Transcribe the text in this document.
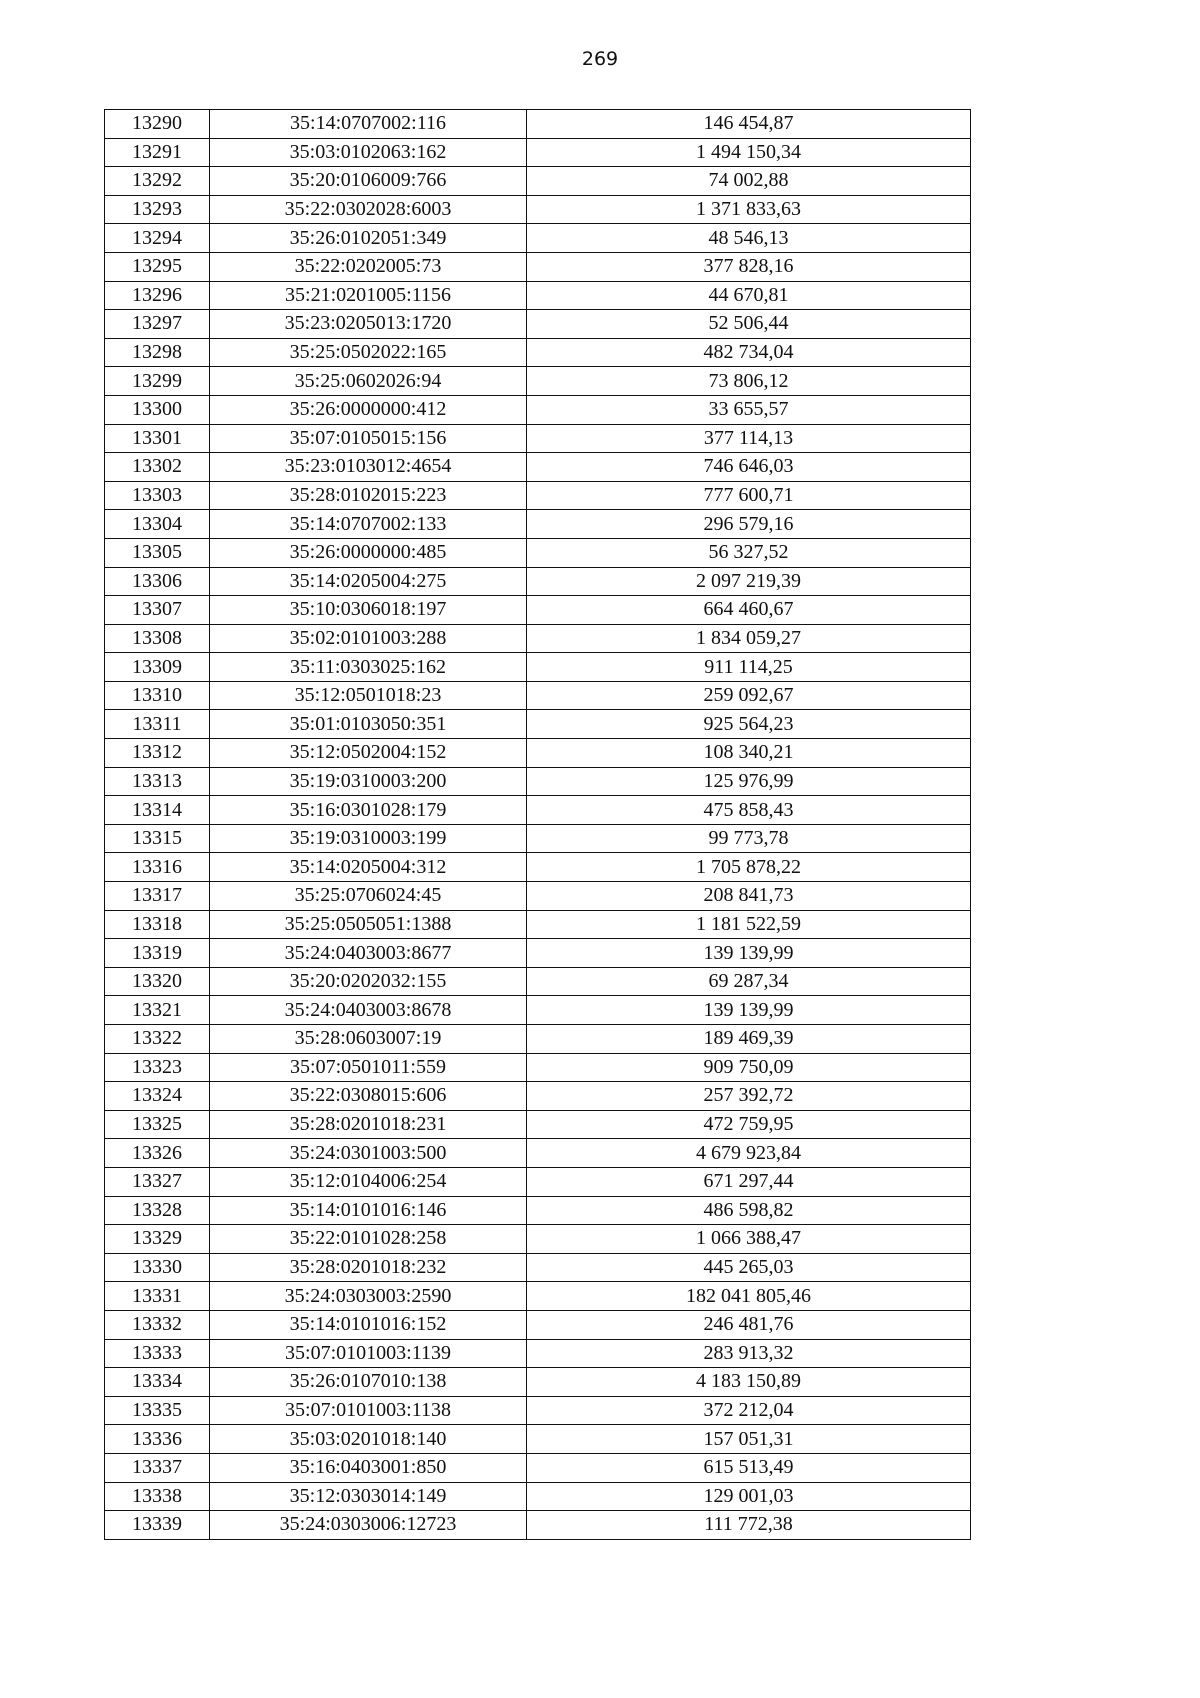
269
13290	35:14:0707002:116	146 454,87
13291	35:03:0102063:162	1 494 150,34
13292	35:20:0106009:766	74 002,88
13293	35:22:0302028:6003	1 371 833,63
13294	35:26:0102051:349	48 546,13
13295	35:22:0202005:73	377 828,16
13296	35:21:0201005:1156	44 670,81
13297	35:23:0205013:1720	52 506,44
13298	35:25:0502022:165	482 734,04
13299	35:25:0602026:94	73 806,12
13300	35:26:0000000:412	33 655,57
13301	35:07:0105015:156	377 114,13
13302	35:23:0103012:4654	746 646,03
13303	35:28:0102015:223	777 600,71
13304	35:14:0707002:133	296 579,16
13305	35:26:0000000:485	56 327,52
13306	35:14:0205004:275	2 097 219,39
13307	35:10:0306018:197	664 460,67
13308	35:02:0101003:288	1 834 059,27
13309	35:11:0303025:162	911 114,25
13310	35:12:0501018:23	259 092,67
13311	35:01:0103050:351	925 564,23
13312	35:12:0502004:152	108 340,21
13313	35:19:0310003:200	125 976,99
13314	35:16:0301028:179	475 858,43
13315	35:19:0310003:199	99 773,78
13316	35:14:0205004:312	1 705 878,22
13317	35:25:0706024:45	208 841,73
13318	35:25:0505051:1388	1 181 522,59
13319	35:24:0403003:8677	139 139,99
13320	35:20:0202032:155	69 287,34
13321	35:24:0403003:8678	139 139,99
13322	35:28:0603007:19	189 469,39
13323	35:07:0501011:559	909 750,09
13324	35:22:0308015:606	257 392,72
13325	35:28:0201018:231	472 759,95
13326	35:24:0301003:500	4 679 923,84
13327	35:12:0104006:254	671 297,44
13328	35:14:0101016:146	486 598,82
13329	35:22:0101028:258	1 066 388,47
13330	35:28:0201018:232	445 265,03
13331	35:24:0303003:2590	182 041 805,46
13332	35:14:0101016:152	246 481,76
13333	35:07:0101003:1139	283 913,32
13334	35:26:0107010:138	4 183 150,89
13335	35:07:0101003:1138	372 212,04
13336	35:03:0201018:140	157 051,31
13337	35:16:0403001:850	615 513,49
13338	35:12:0303014:149	129 001,03
13339	35:24:0303006:12723	111 772,38
